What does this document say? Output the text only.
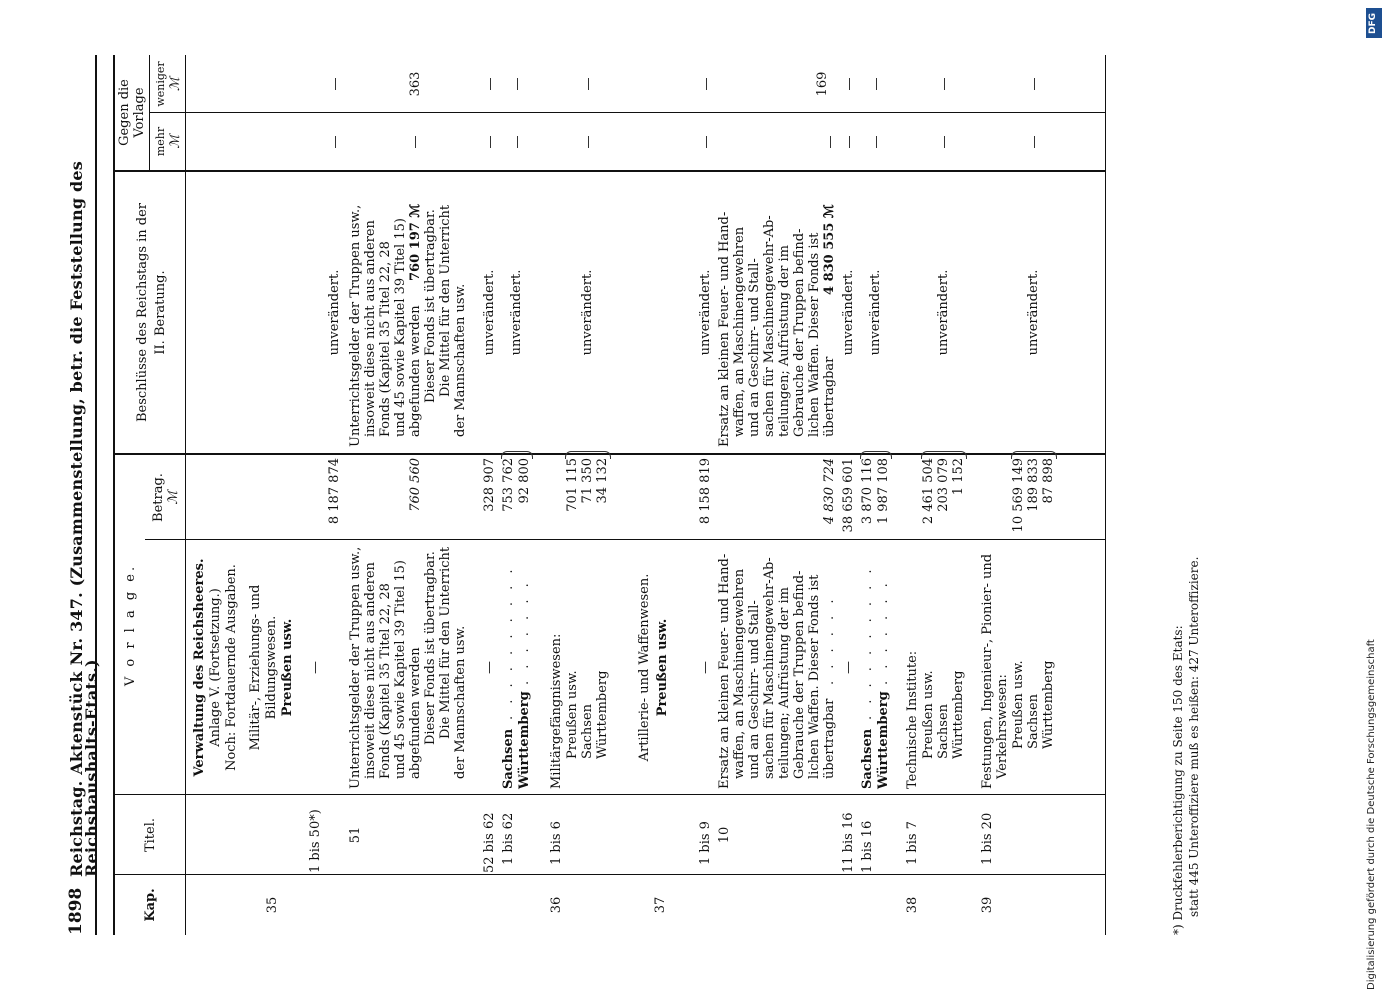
1898
Reichstag. Aktenstück Nr. 347. (Zusammenstellung, betr. die Feststellung des Reichshaushalts-Etats.)
Kap.
Titel.
V o r l a g e.
Betrag. ℳ
Beschlüsse des Reichstags in der II. Beratung.
Gegen die Vorlage
mehr ℳ
weniger ℳ
Verwaltung des Reichsheeres. Anlage V. (Fortsetzung.) Noch: Fortdauernde Ausgaben.
35
Militär-, Erziehungs- und Bildungswesen. Preußen usw.
1 bis 50*)
—
8 187 874
unverändert.
51
Unterrichtsgelder der Truppen usw., insoweit diese nicht aus anderen Fonds (Kapitel 35 Titel 22, 28 und 45 sowie Kapitel 39 Titel 15) abgefunden werden Dieser Fonds ist übertragbar. Die Mittel für den Unterricht der Mannschaften usw.
760 560
Unterrichtsgelder der Truppen usw., insoweit diese nicht aus anderen Fonds (Kapitel 35 Titel 22, 28 und 45 sowie Kapitel 39 Titel 15) abgefunden werden
760 197 ℳ Dieser Fonds ist übertragbar. Die Mittel für den Unterricht der Mannschaften usw.
363
52 bis 62
—
328 907
unverändert.
1 bis 62
Sachsen
. . . . . . . . . .
753 762
Württemberg
. . . . . . .
92 800
unverändert.
36
1 bis 6
Militärgefängniswesen: Preußen usw. Sachsen Württemberg
701 115 71 350 34 132
unverändert.
37
Artillerie- und Waffenwesen. Preußen usw.
1 bis 9
—
8 158 819
unverändert.
10
Ersatz an kleinen Feuer- und Hand- waffen, an Maschinengewehren und an Geschirr- und Stall- sachen für Maschinengewehr-Ab- teilungen; Aufrüstung der im Gebrauche der Truppen befind- lichen Waffen. Dieser Fonds ist übertragbar
. . . . . .
4 830 724
Ersatz an kleinen Feuer- und Hand- waffen, an Maschinengewehren und an Geschirr- und Stall- sachen für Maschinengewehr-Ab- teilungen; Aufrüstung der im Gebrauche der Truppen befind- lichen Waffen. Dieser Fonds ist übertragbar
4 830 555 ℳ
169
11 bis 16
—
38 659 601
unverändert.
1 bis 16
Sachsen
. . . . . . . . . .
3 870 116
Württemberg
. . . . . . .
1 987 108
unverändert.
38
1 bis 7
Technische Institute: Preußen usw. Sachsen Württemberg
2 461 504 203 079 1 152
unverändert.
39
1 bis 20
Festungen, Ingenieur-, Pionier- und Verkehrswesen: Preußen usw. Sachsen Württemberg
10 569 149 189 833 87 898
unverändert.
*) Druckfehlerberichtigung zu Seite 150 des Etats: statt 445 Unteroffiziere muß es heißen: 427 Unteroffiziere.	Digitalisierung gefördert durch die Deutsche Forschungsgemeinschaft
DFG
